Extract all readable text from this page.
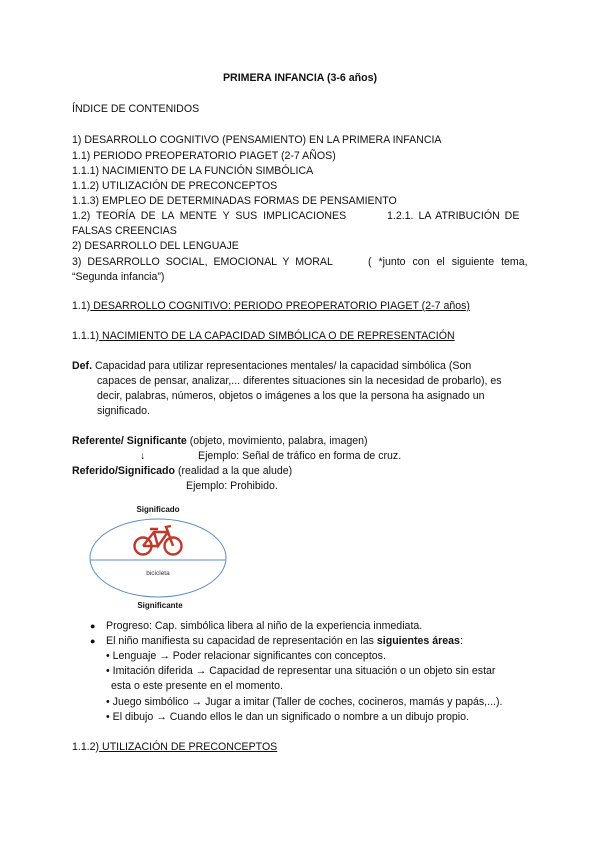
PRIMERA INFANCIA (3-6 años)
ÍNDICE DE CONTENIDOS
1) DESARROLLO COGNITIVO (PENSAMIENTO) EN LA PRIMERA INFANCIA
1.1) PERIODO PREOPERATORIO PIAGET (2-7 AÑOS)
1.1.1) NACIMIENTO DE LA FUNCIÓN SIMBÓLICA
1.1.2) UTILIZACIÓN DE PRECONCEPTOS
1.1.3) EMPLEO DE DETERMINADAS FORMAS DE PENSAMIENTO
1.2) TEORÍA DE LA MENTE Y SUS IMPLICACIONES	1.2.1. LA ATRIBUCIÓN DE
FALSAS CREENCIAS
2) DESARROLLO DEL LENGUAJE
3) DESARROLLO SOCIAL, EMOCIONAL Y MORAL	( *junto con el siguiente tema,
“Segunda infancia”)
1.1) DESARROLLO COGNITIVO: PERIODO PREOPERATORIO PIAGET (2-7 años)
1.1.1) NACIMIENTO DE LA CAPACIDAD SIMBÓLICA O DE REPRESENTACIÓN
Def. Capacidad para utilizar representaciones mentales/ la capacidad simbólica (Son
capaces de pensar, analizar,... diferentes situaciones sin la necesidad de probarlo), es
decir, palabras, números, objetos o imágenes a los que la persona ha asignado un
significado.
Referente/ Significante (objeto, movimiento, palabra, imagen)
↓	Ejemplo: Señal de tráfico en forma de cruz.
Referido/Significado (realidad a la que alude)
Ejemplo: Prohibido.
Significado
bicicleta
Significante
● Progreso: Cap. simbólica libera al niño de la experiencia inmediata.
● El niño manifiesta su capacidad de representación en las siguientes áreas:
• Lenguaje → Poder relacionar significantes con conceptos.
• Imitación diferida → Capacidad de representar una situación o un objeto sin estar
esta o este presente en el momento.
• Juego simbólico → Jugar a imitar (Taller de coches, cocineros, mamás y papás,...).
• El dibujo → Cuando ellos le dan un significado o nombre a un dibujo propio.
1.1.2) UTILIZACIÓN DE PRECONCEPTOS
